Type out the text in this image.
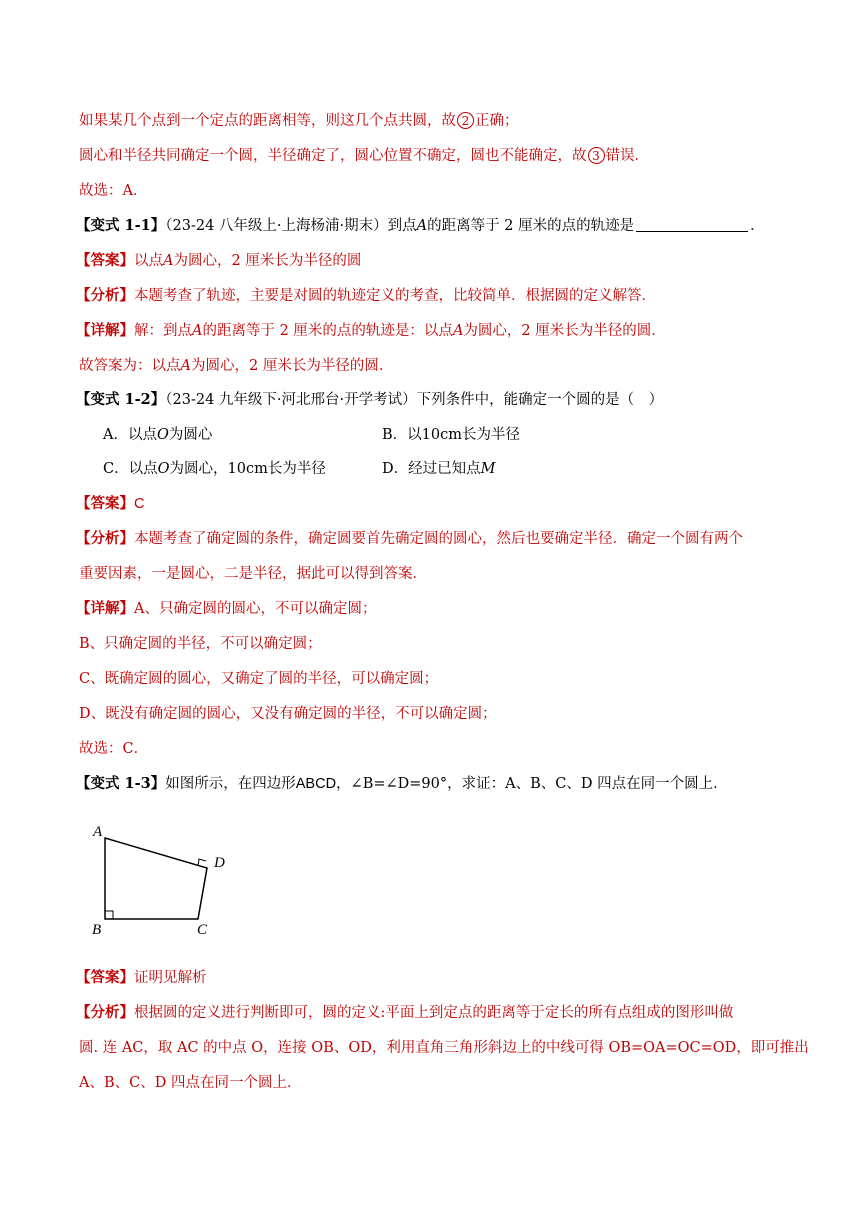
如果某几个点到一个定点的距离相等，则这几个点共圆，故 2 正确；
圆心和半径共同确定一个圆，半径确定了，圆心位置不确定，圆也不能确定，故 3 错误．
故选：A．
【变式 1-1】（23-24 八年级上·上海杨浦·期末）到点A的距离等于 2 厘米的点的轨迹是	．
【答案】以点A为圆心，2 厘米长为半径的圆
【分析】本题考查了轨迹，主要是对圆的轨迹定义的考查，比较简单．根据圆的定义解答．
【详解】解：到点A的距离等于 2 厘米的点的轨迹是：以点A为圆心，2 厘米长为半径的圆．
故答案为：以点A为圆心，2 厘米长为半径的圆．
【变式 1-2】（23-24 九年级下·河北邢台·开学考试）下列条件中，能确定一个圆的是（　）
A．以点O为圆心	B．以10cm长为半径
C．以点O为圆心，10cm长为半径	D．经过已知点M
【答案】C
【分析】本题考查了确定圆的条件，确定圆要首先确定圆的圆心，然后也要确定半径．确定一个圆有两个
重要因素，一是圆心，二是半径，据此可以得到答案．
【详解】A、只确定圆的圆心，不可以确定圆；
B、只确定圆的半径，不可以确定圆；
C、既确定圆的圆心，又确定了圆的半径，可以确定圆；
D、既没有确定圆的圆心，又没有确定圆的半径，不可以确定圆；
故选：C．
【变式 1-3】如图所示，在四边形ABCD，∠B=∠D=90°，求证：A、B、C、D 四点在同一个圆上．
A
B	C
D
【答案】证明见解析
【分析】根据圆的定义进行判断即可，圆的定义:平面上到定点的距离等于定长的所有点组成的图形叫做
圆. 连 AC，取 AC 的中点 O，连接 OB、OD，利用直角三角形斜边上的中线可得 OB=OA=OC=OD，即可推出
A、B、C、D 四点在同一个圆上．
